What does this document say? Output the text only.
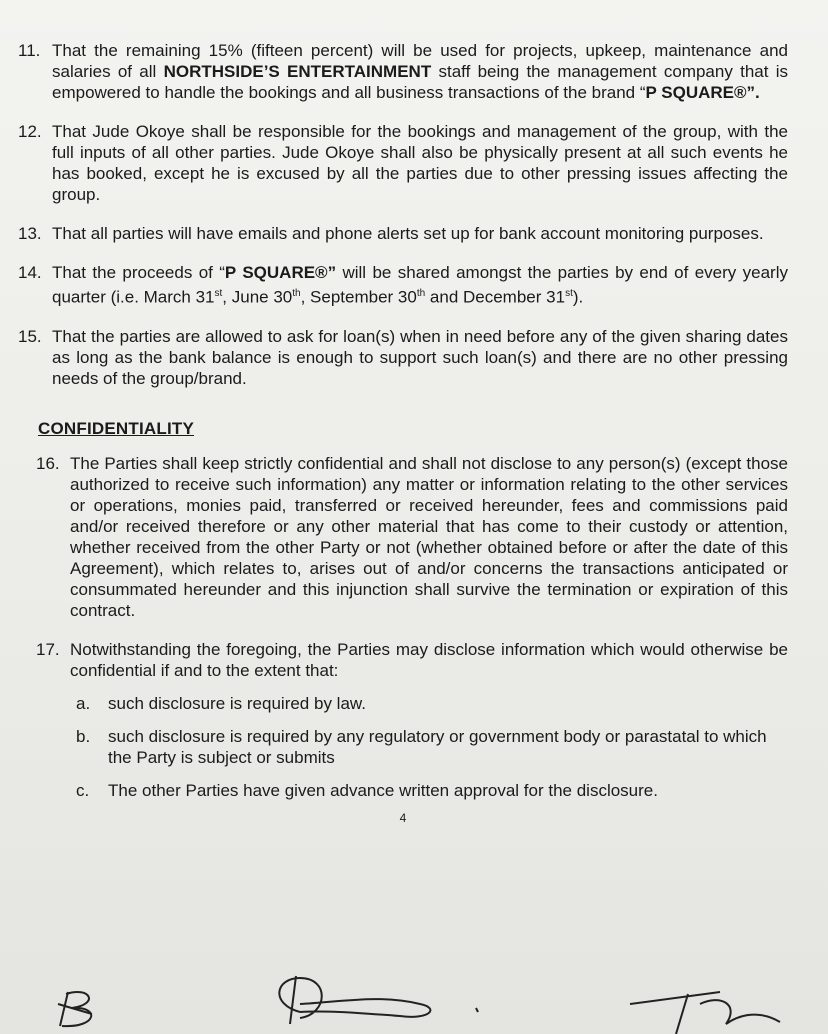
11. That the remaining 15% (fifteen percent) will be used for projects, upkeep, maintenance and salaries of all NORTHSIDE’S ENTERTAINMENT staff being the management company that is empowered to handle the bookings and all business transactions of the brand “P SQUARE®”.
12. That Jude Okoye shall be responsible for the bookings and management of the group, with the full inputs of all other parties. Jude Okoye shall also be physically present at all such events he has booked, except he is excused by all the parties due to other pressing issues affecting the group.
13. That all parties will have emails and phone alerts set up for bank account monitoring purposes.
14. That the proceeds of “P SQUARE®” will be shared amongst the parties by end of every yearly quarter (i.e. March 31st, June 30th, September 30th and December 31st).
15. That the parties are allowed to ask for loan(s) when in need before any of the given sharing dates as long as the bank balance is enough to support such loan(s) and there are no other pressing needs of the group/brand.
CONFIDENTIALITY
16. The Parties shall keep strictly confidential and shall not disclose to any person(s) (except those authorized to receive such information) any matter or information relating to the other services or operations, monies paid, transferred or received hereunder, fees and commissions paid and/or received therefore or any other material that has come to their custody or attention, whether received from the other Party or not (whether obtained before or after the date of this Agreement), which relates to, arises out of and/or concerns the transactions anticipated or consummated hereunder and this injunction shall survive the termination or expiration of this contract.
17. Notwithstanding the foregoing, the Parties may disclose information which would otherwise be confidential if and to the extent that:
a.	such disclosure is required by law.
b.	such disclosure is required by any regulatory or government body or parastatal to which the Party is subject or submits
c.	The other Parties have given advance written approval for the disclosure.
4
